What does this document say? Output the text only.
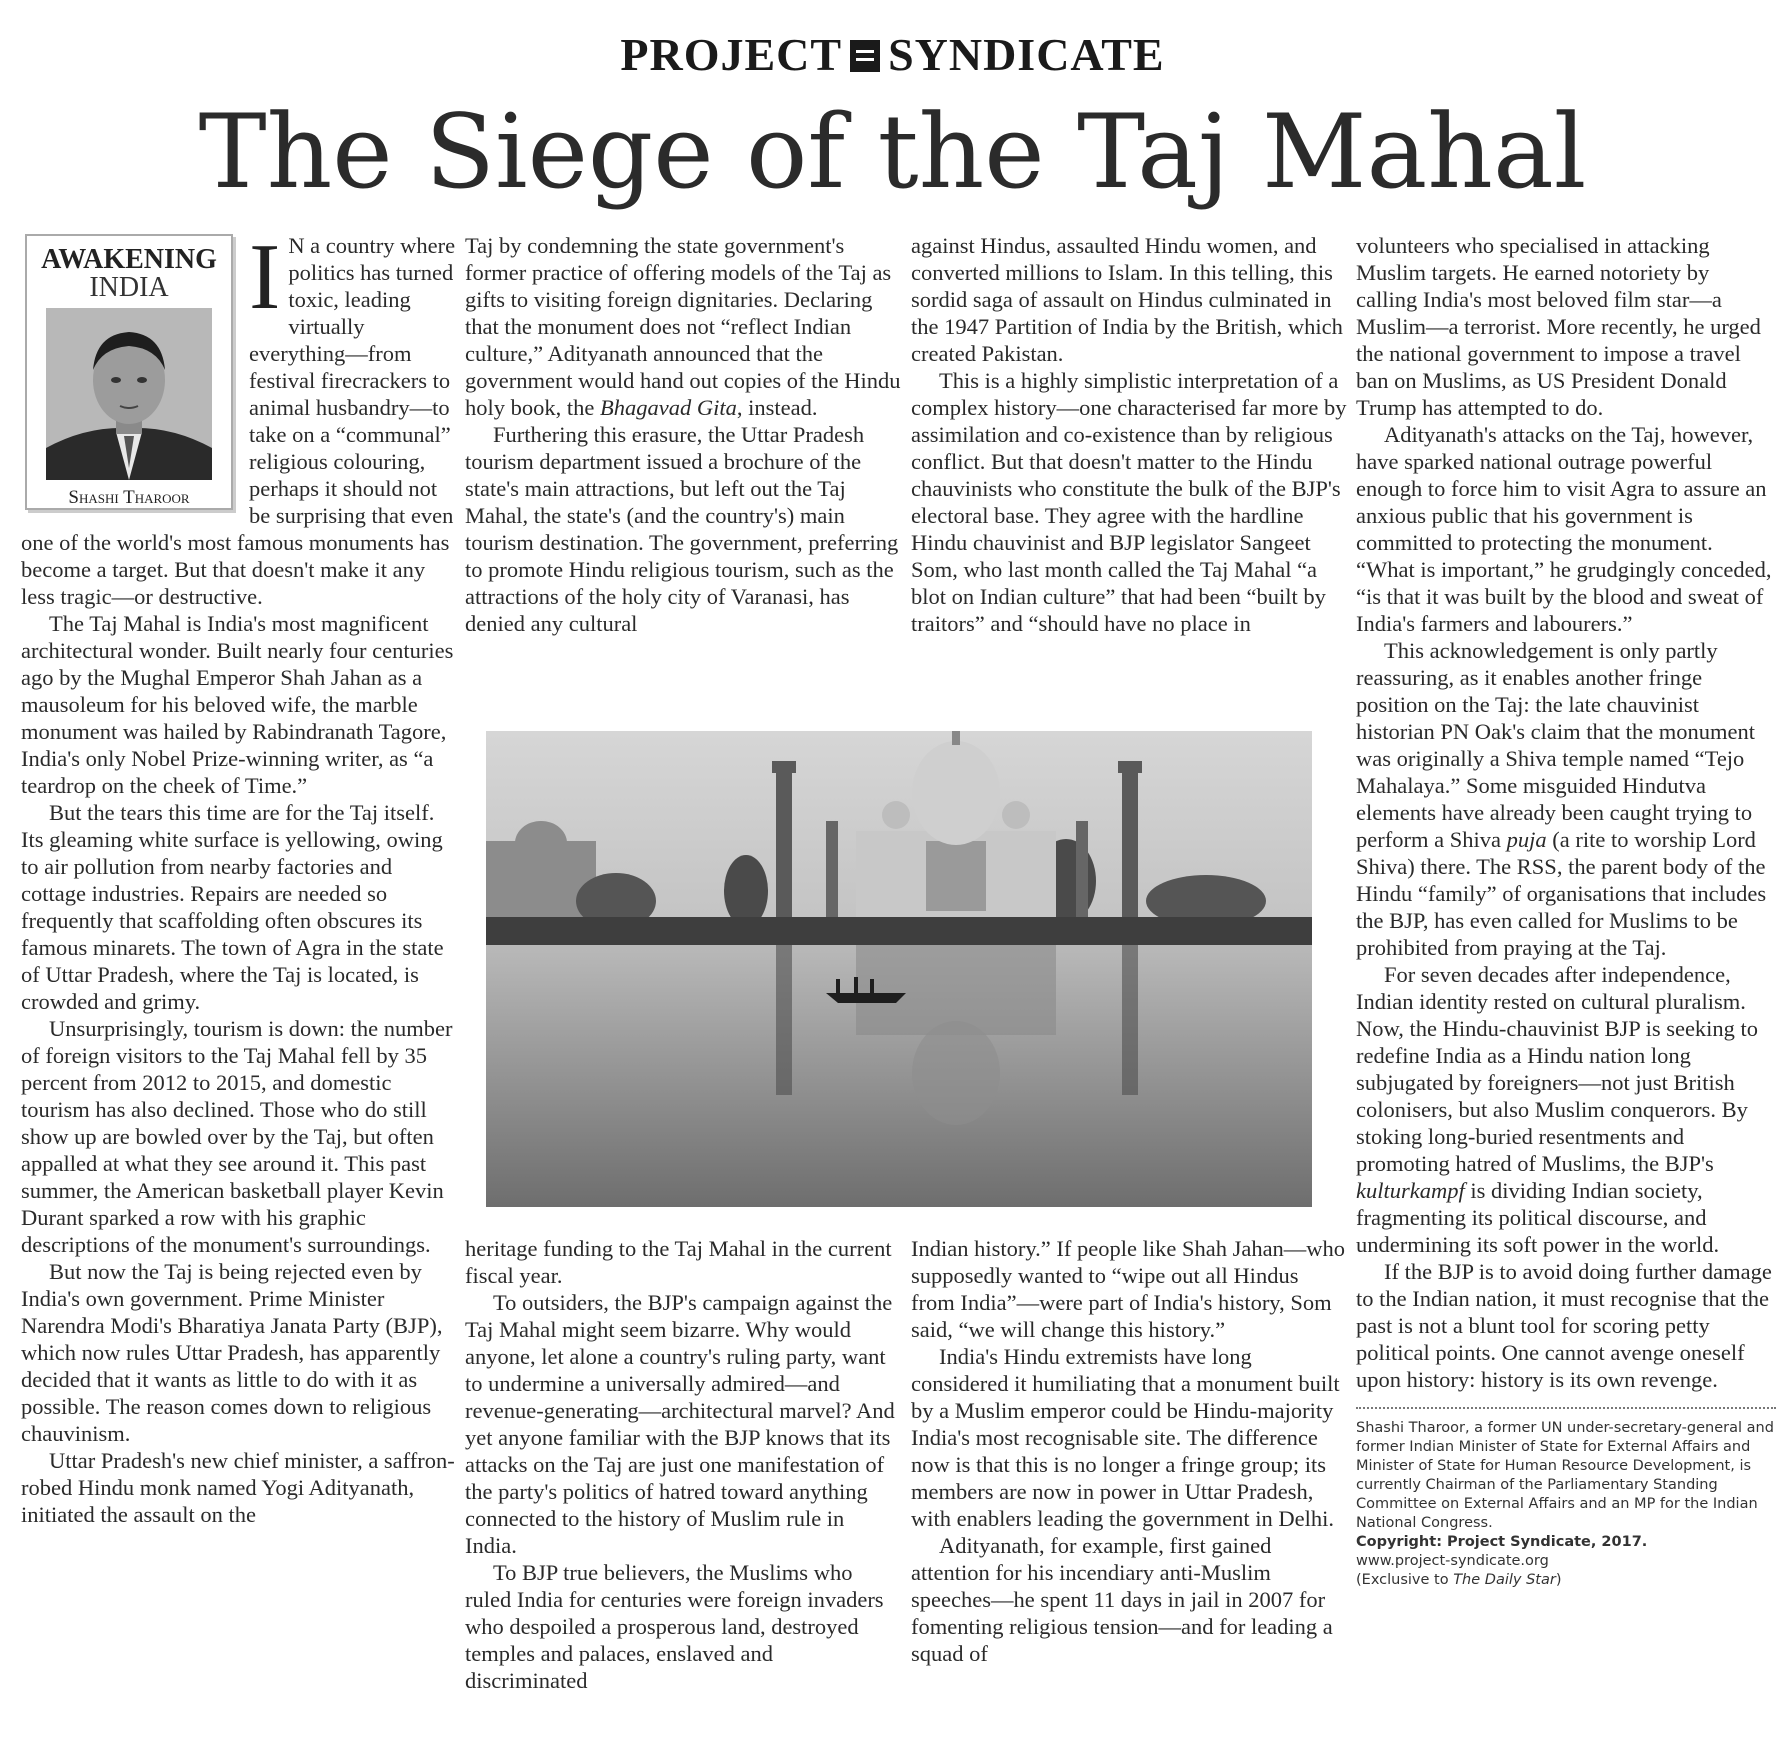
PROJECT SYNDICATE
The Siege of the Taj Mahal
AWAKENING
INDIA
Shashi Tharoor
I N a country where politics has turned toxic, leading virtually everything—from festival firecrackers to animal husbandry—to take on a “communal” religious colouring, perhaps it should not be surprising that even one of the world's most famous monuments has become a target. But that doesn't make it any less tragic—or destructive.

The Taj Mahal is India's most magnificent architectural wonder. Built nearly four centuries ago by the Mughal Emperor Shah Jahan as a mausoleum for his beloved wife, the marble monument was hailed by Rabindranath Tagore, India's only Nobel Prize-winning writer, as “a teardrop on the cheek of Time.”

But the tears this time are for the Taj itself. Its gleaming white surface is yellowing, owing to air pollution from nearby factories and cottage industries. Repairs are needed so frequently that scaffolding often obscures its famous minarets. The town of Agra in the state of Uttar Pradesh, where the Taj is located, is crowded and grimy.

Unsurprisingly, tourism is down: the number of foreign visitors to the Taj Mahal fell by 35 percent from 2012 to 2015, and domestic tourism has also declined. Those who do still show up are bowled over by the Taj, but often appalled at what they see around it. This past summer, the American basketball player Kevin Durant sparked a row with his graphic descriptions of the monument's surroundings.

But now the Taj is being rejected even by India's own government. Prime Minister Narendra Modi's Bharatiya Janata Party (BJP), which now rules Uttar Pradesh, has apparently decided that it wants as little to do with it as possible. The reason comes down to religious chauvinism.

Uttar Pradesh's new chief minister, a saffron-robed Hindu monk named Yogi Adityanath, initiated the assault on the

Taj by condemning the state government's former practice of offering models of the Taj as gifts to visiting foreign dignitaries. Declaring that the monument does not “reflect Indian culture,” Adityanath announced that the government would hand out copies of the Hindu holy book, the Bhagavad Gita, instead.

Furthering this erasure, the Uttar Pradesh tourism department issued a brochure of the state's main attractions, but left out the Taj Mahal, the state's (and the country's) main tourism destination. The government, preferring to promote Hindu religious tourism, such as the attractions of the holy city of Varanasi, has denied any cultural

against Hindus, assaulted Hindu women, and converted millions to Islam. In this telling, this sordid saga of assault on Hindus culminated in the 1947 Partition of India by the British, which created Pakistan.

This is a highly simplistic interpretation of a complex history—one characterised far more by assimilation and co-existence than by religious conflict. But that doesn't matter to the Hindu chauvinists who constitute the bulk of the BJP's electoral base. They agree with the hardline Hindu chauvinist and BJP legislator Sangeet Som, who last month called the Taj Mahal “a blot on Indian culture” that had been “built by traitors” and “should have no place in

heritage funding to the Taj Mahal in the current fiscal year.

To outsiders, the BJP's campaign against the Taj Mahal might seem bizarre. Why would anyone, let alone a country's ruling party, want to undermine a universally admired—and revenue-generating—architectural marvel? And yet anyone familiar with the BJP knows that its attacks on the Taj are just one manifestation of the party's politics of hatred toward anything connected to the history of Muslim rule in India.

To BJP true believers, the Muslims who ruled India for centuries were foreign invaders who despoiled a prosperous land, destroyed temples and palaces, enslaved and discriminated

Indian history.” If people like Shah Jahan—who supposedly wanted to “wipe out all Hindus from India”—were part of India's history, Som said, “we will change this history.”

India's Hindu extremists have long considered it humiliating that a monument built by a Muslim emperor could be Hindu-majority India's most recognisable site. The difference now is that this is no longer a fringe group; its members are now in power in Uttar Pradesh, with enablers leading the government in Delhi.

Adityanath, for example, first gained attention for his incendiary anti-Muslim speeches—he spent 11 days in jail in 2007 for fomenting religious tension—and for leading a squad of

volunteers who specialised in attacking Muslim targets. He earned notoriety by calling India's most beloved film star—a Muslim—a terrorist. More recently, he urged the national government to impose a travel ban on Muslims, as US President Donald Trump has attempted to do.

Adityanath's attacks on the Taj, however, have sparked national outrage powerful enough to force him to visit Agra to assure an anxious public that his government is committed to protecting the monument. “What is important,” he grudgingly conceded, “is that it was built by the blood and sweat of India's farmers and labourers.”

This acknowledgement is only partly reassuring, as it enables another fringe position on the Taj: the late chauvinist historian PN Oak's claim that the monument was originally a Shiva temple named “Tejo Mahalaya.” Some misguided Hindutva elements have already been caught trying to perform a Shiva puja (a rite to worship Lord Shiva) there. The RSS, the parent body of the Hindu “family” of organisations that includes the BJP, has even called for Muslims to be prohibited from praying at the Taj.

For seven decades after independence, Indian identity rested on cultural pluralism. Now, the Hindu-chauvinist BJP is seeking to redefine India as a Hindu nation long subjugated by foreigners—not just British colonisers, but also Muslim conquerors. By stoking long-buried resentments and promoting hatred of Muslims, the BJP's kulturkampf is dividing Indian society, fragmenting its political discourse, and undermining its soft power in the world.

If the BJP is to avoid doing further damage to the Indian nation, it must recognise that the past is not a blunt tool for scoring petty political points. One cannot avenge oneself upon history: history is its own revenge.

Shashi Tharoor, a former UN under-secretary-general and former Indian Minister of State for External Affairs and Minister of State for Human Resource Development, is currently Chairman of the Parliamentary Standing Committee on External Affairs and an MP for the Indian National Congress.
Copyright: Project Syndicate, 2017.
www.project-syndicate.org
(Exclusive to The Daily Star)
